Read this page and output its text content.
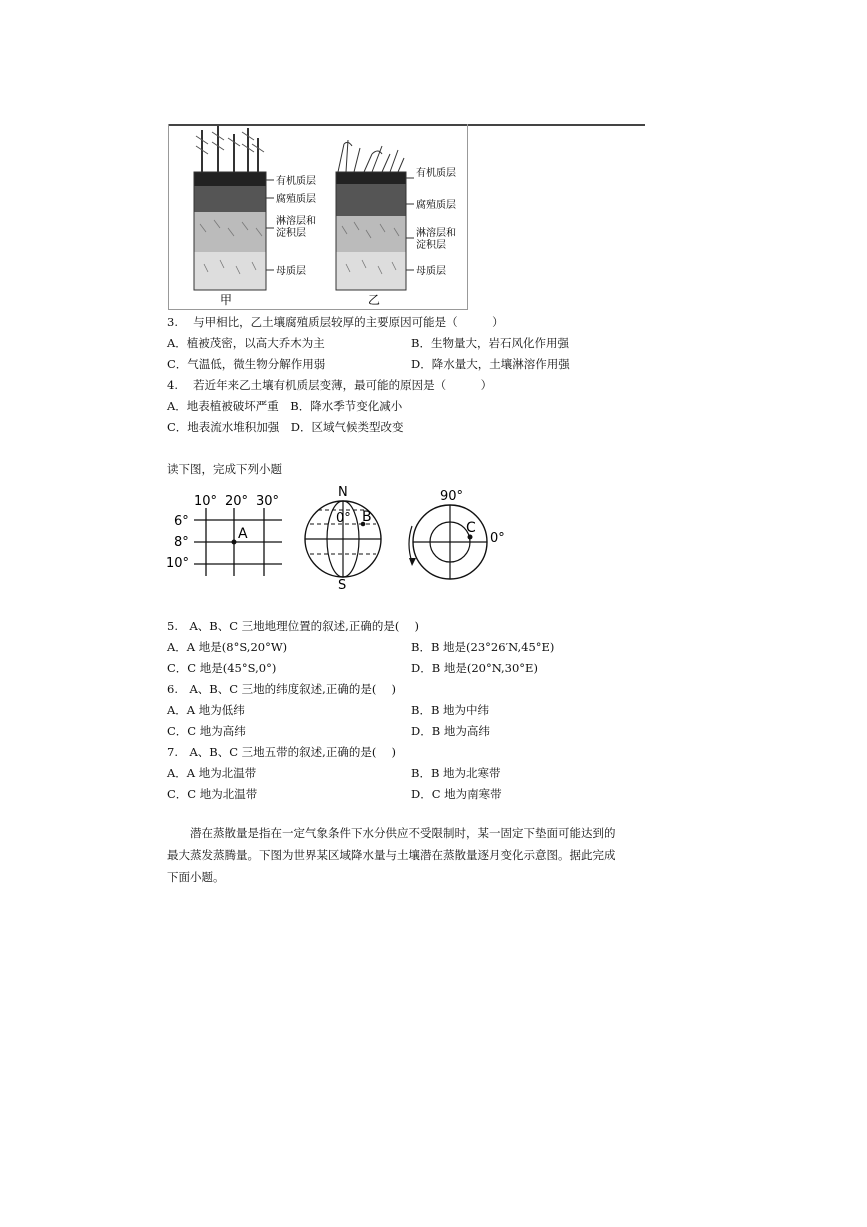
有机质层
腐殖质层
淋溶层和
淀积层
母质层
甲
有机质层
腐殖质层
淋溶层和
淀积层
母质层
乙
3.　 与甲相比，乙土壤腐殖质层较厚的主要原因可能是（　　　）
A．植被茂密，以高大乔木为主	B．生物量大，岩石风化作用强
C．气温低，微生物分解作用弱	D．降水量大，土壤淋溶作用强
4.　 若近年来乙土壤有机质层变薄，最可能的原因是（　　　）
A．地表植被破坏严重　B．降水季节变化减小
C．地表流水堆积加强　D．区域气候类型改变
读下图，完成下列小题
10° 20° 30°
6°
8°
10°
A
N
S
0° B
90°
0°
C
5.　A、B、C 三地地理位置的叙述,正确的是(　 )
A．A 地是(8°S,20°W)	B．B 地是(23°26′N,45°E)
C．C 地是(45°S,0°)	D．B 地是(20°N,30°E)
6.　A、B、C 三地的纬度叙述,正确的是(　 )
A．A 地为低纬	B．B 地为中纬
C．C 地为高纬	D．B 地为高纬
7.　A、B、C 三地五带的叙述,正确的是(　 )
A．A 地为北温带	B．B 地为北寒带
C．C 地为北温带	D．C 地为南寒带
潜在蒸散量是指在一定气象条件下水分供应不受限制时，某一固定下垫面可能达到的
最大蒸发蒸腾量。下图为世界某区域降水量与土壤潜在蒸散量逐月变化示意图。据此完成
下面小题。
